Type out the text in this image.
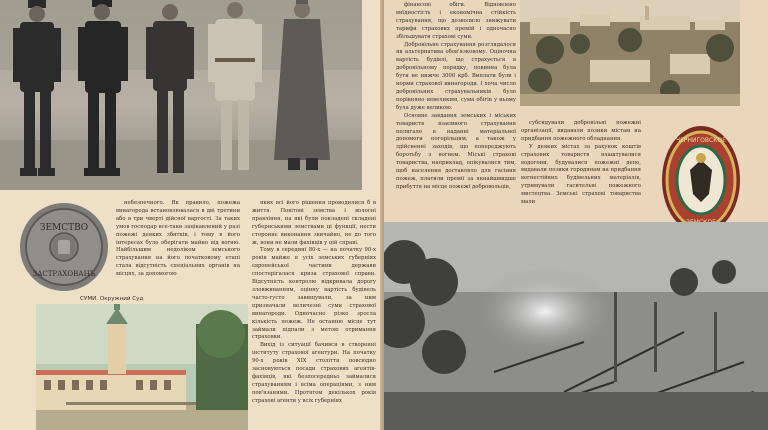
ЗЕМСТВО
ЗАСТРАХОВАНЪ
СУМИ. Окружний Суд

небезпечного. Як правило, пожежа винагорода встановлювалася в дві третини або в три чверті дійсної вартості. За таких умов господар все-таки зацікавлений у разі пожежі деяких збитків, і тому в його інтересах було оберігати майно від вогню. Найбільшим недоліком земського страхування на його початковому етапі стала відсутність спеціальних органів на місцях, за допомогою

яких всі його рішення проводилися б в життя. Повітові земства і волосні правління, на які були покладені складені губернськими земствами ці функції, нести стороннє виконання звичайно, не до того ж, вони не мали фахівців у цій справі.

Тому в середині 80-х — на початку 90-х років майже в усіх земських губерніях європейської частини держави спостерігалася криза страхової справи. Відсутність контролю відкривала дорогу зловживанням, оцінну вартість будівель часто-густо завищували, за ним призначали величезні суми страхової винагороди. Одночасно різко зросла кількість пожеж. Не останню місце тут займали підпали з метою отримання страховки.

Вихід із ситуації бачився в створенні інституту страхової агентури. На початку 90-х років XIX століття повсюдно засновуються посади страхових агентів-фахівців, які безпосередньо займалися страхуванням і всіма операціями, з ним пов'язаними. Протягом декількох років страхові агенти у всіх губерніях

фінансові обіги. Відновлено виїдностість і економічна стійкість страхування, що дозволило знижувати тарифи страхових премій і одночасно збільшувати страхові суми.

Добровільне страхування розглядалося як альтернатива обов'язковому. Оціночна вартість будівлі, що страхується в добровільному порядку, повинна була бути не нижче 3000 крб. Виплати були і норми страхової винагороди. І хоча число добровільних страхувальників було порівняно невеликим, сума обігів у ньому була дуже великою.

Основне завдання земських і міських товариств взаємного страхування полягало в наданні матеріальної допомоги погорільцям, а також у здійсненні заходів, що попереджують боротьбу з вогнем. Міські страхові товариства, наприклад, опікувалися тим, щоб населення доставляло для гасіння пожеж, платили премії за якнайшвидше прибуття на місце пожежі добровольців,

субсидували добровільні пожежні організації, видавали позики містам на придбання пожежного обладнання.

У деяких містах за рахунок коштів страхових товариств влаштувалися водогони, будувалися пожежні депо, видавали позики городянам на придбання вогнестійких будівельних матеріалів, утримували гасительні пожежного мистецтва. Земські страхові товариства мали

ЧЕРНИГОВСКОЕ
